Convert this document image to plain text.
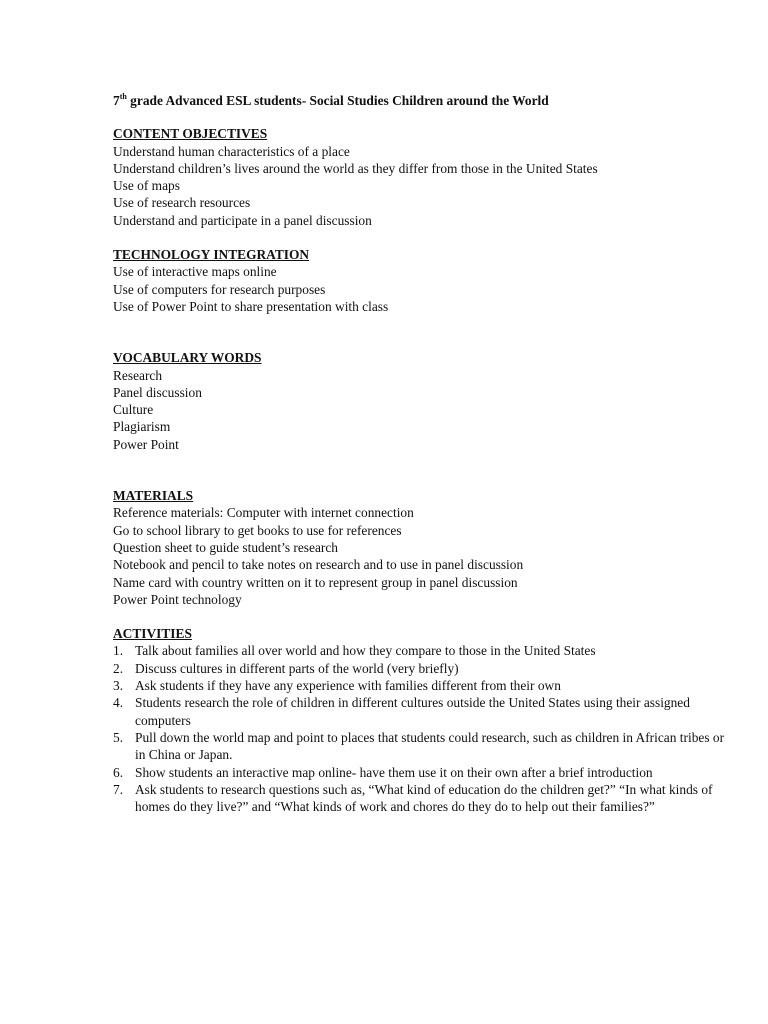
7th grade Advanced ESL students- Social Studies Children around the World
CONTENT OBJECTIVES
Understand human characteristics of a place
Understand children’s lives around the world as they differ from those in the United States
Use of maps
Use of research resources
Understand and participate in a panel discussion
TECHNOLOGY INTEGRATION
Use of interactive maps online
Use of computers for research purposes
Use of Power Point to share presentation with class
VOCABULARY WORDS
Research
Panel discussion
Culture
Plagiarism
Power Point
MATERIALS
Reference materials: Computer with internet connection
Go to school library to get books to use for references
Question sheet to guide student’s research
Notebook and pencil to take notes on research and to use in panel discussion
Name card with country written on it to represent group in panel discussion
Power Point technology
ACTIVITIES
1. Talk about families all over world and how they compare to those in the United States
2. Discuss cultures in different parts of the world (very briefly)
3. Ask students if they have any experience with families different from their own
4. Students research the role of children in different cultures outside the United States using their assigned computers
5. Pull down the world map and point to places that students could research, such as children in African tribes or in China or Japan.
6. Show students an interactive map online- have them use it on their own after a brief introduction
7. Ask students to research questions such as, “What kind of education do the children get?” “In what kinds of homes do they live?” and “What kinds of work and chores do they do to help out their families?”
